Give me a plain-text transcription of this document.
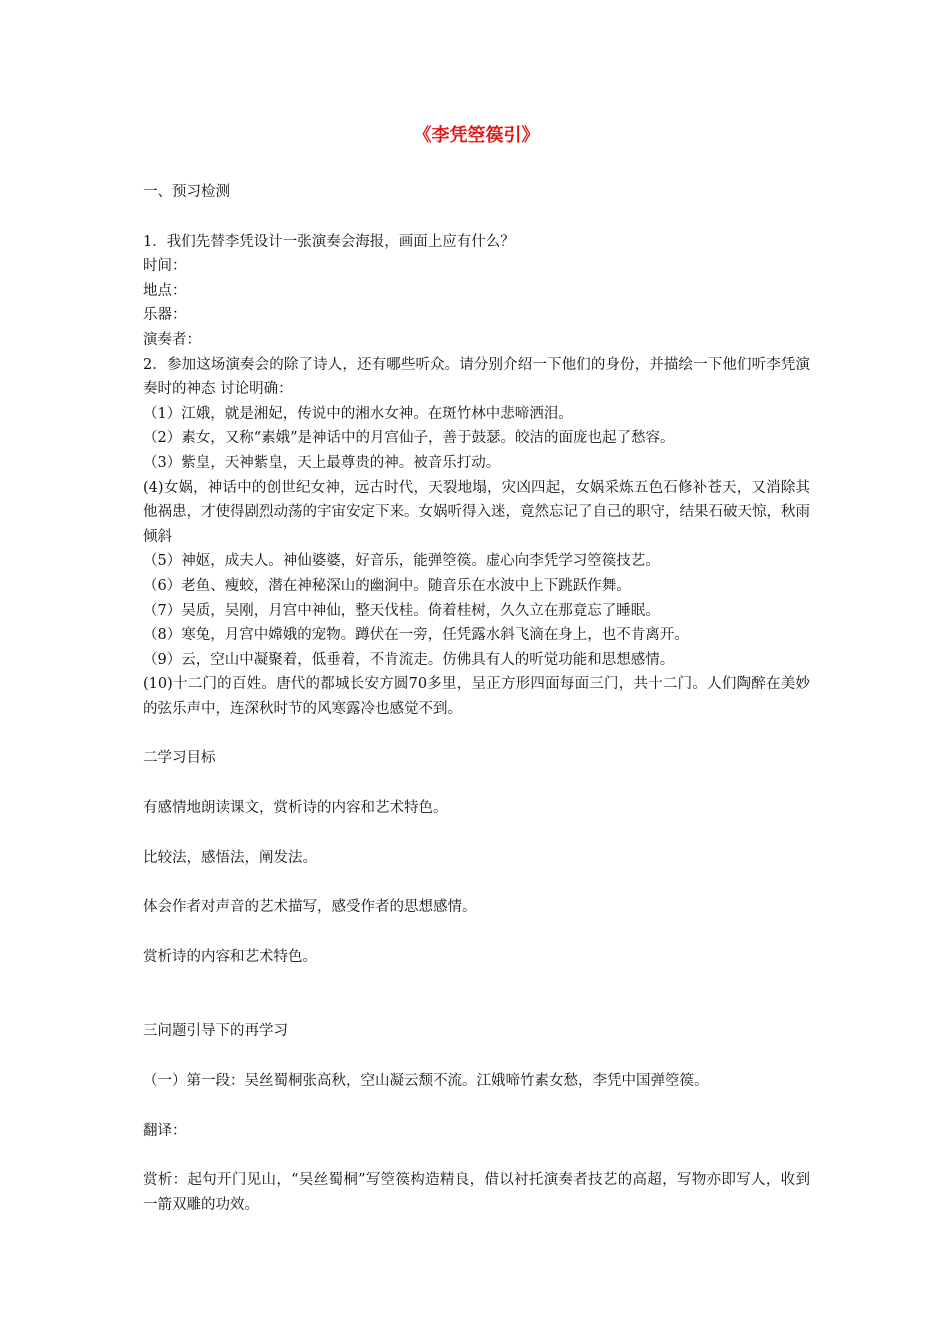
《李凭箜篌引》

一、预习检测

1．我们先替李凭设计一张演奏会海报，画面上应有什么？

时间：

地点：

乐器：

演奏者：

2．参加这场演奏会的除了诗人，还有哪些听众。请分别介绍一下他们的身份，并描绘一下他们听李凭演奏时的神态 讨论明确：

（1）江娥，就是湘妃，传说中的湘水女神。在斑竹林中悲啼洒泪。

（2）素女，又称“素娥”是神话中的月宫仙子，善于鼓瑟。皎洁的面庞也起了愁容。

（3）紫皇，天神紫皇，天上最尊贵的神。被音乐打动。

(4)女娲，神话中的创世纪女神，远古时代，天裂地塌，灾凶四起，女娲采炼五色石修补苍天，又消除其他祸患，才使得剧烈动荡的宇宙安定下来。女娲听得入迷，竟然忘记了自己的职守，结果石破天惊，秋雨倾斜

（5）神妪，成夫人。神仙婆婆，好音乐，能弹箜篌。虚心向李凭学习箜篌技艺。

（6）老鱼、瘦蛟，潜在神秘深山的幽涧中。随音乐在水波中上下跳跃作舞。

（7）吴质，吴刚，月宫中神仙，整天伐桂。倚着桂树，久久立在那竟忘了睡眠。

（8）寒兔，月宫中嫦娥的宠物。蹲伏在一旁，任凭露水斜飞滴在身上，也不肯离开。

（9）云，空山中凝聚着，低垂着，不肯流走。仿佛具有人的听觉功能和思想感情。

(10)十二门的百姓。唐代的都城长安方圆70多里，呈正方形四面每面三门，共十二门。人们陶醉在美妙的弦乐声中，连深秋时节的风寒露冷也感觉不到。

二学习目标

有感情地朗读课文，赏析诗的内容和艺术特色。

比较法，感悟法，阐发法。

体会作者对声音的艺术描写，感受作者的思想感情。

赏析诗的内容和艺术特色。

三问题引导下的再学习

（一）第一段：吴丝蜀桐张高秋，空山凝云颓不流。江娥啼竹素女愁，李凭中国弹箜篌。

翻译：

赏析：起句开门见山，“吴丝蜀桐”写箜篌构造精良，借以衬托演奏者技艺的高超，写物亦即写人，收到一箭双雕的功效。
